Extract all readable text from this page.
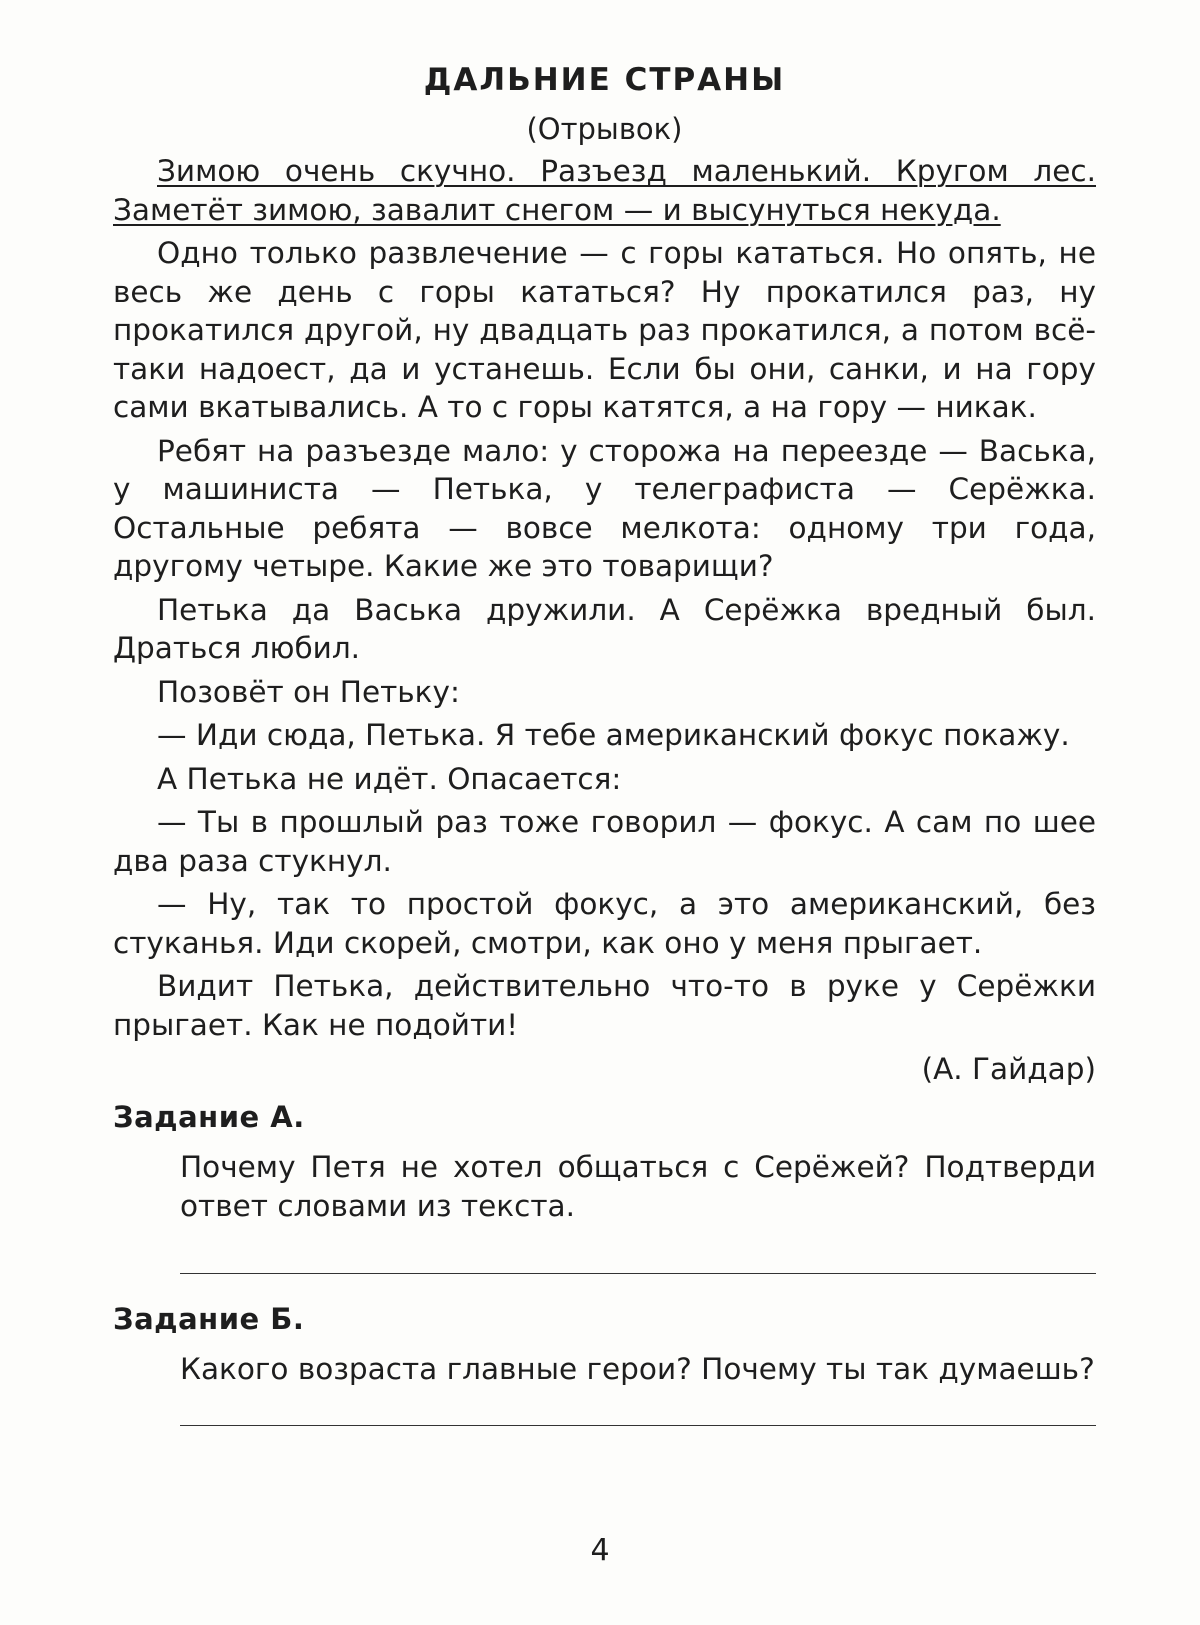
ДАЛЬНИЕ СТРАНЫ
(Отрывок)

Зимою очень скучно. Разъезд маленький. Кругом лес. Заметёт зимою, завалит снегом — и высунуться некуда.

Одно только развлечение — с горы кататься. Но опять, не весь же день с горы кататься? Ну прокатился раз, ну прокатился другой, ну двадцать раз прокатился, а потом всё-таки надоест, да и устанешь. Если бы они, санки, и на гору сами вкатывались. А то с горы катятся, а на гору — никак.

Ребят на разъезде мало: у сторожа на переезде — Васька, у машиниста — Петька, у телеграфиста — Серёжка. Остальные ребята — вовсе мелкота: одному три года, другому четыре. Какие же это товарищи?

Петька да Васька дружили. А Серёжка вредный был. Драться любил.

Позовёт он Петьку:

— Иди сюда, Петька. Я тебе американский фокус покажу.

А Петька не идёт. Опасается:

— Ты в прошлый раз тоже говорил — фокус. А сам по шее два раза стукнул.

— Ну, так то простой фокус, а это американский, без стуканья. Иди скорей, смотри, как оно у меня прыгает.

Видит Петька, действительно что-то в руке у Серёжки прыгает. Как не подойти!

(А. Гайдар)
Задание А.
Почему Петя не хотел общаться с Серёжей? Подтверди ответ словами из текста.
Задание Б.
Какого возраста главные герои? Почему ты так думаешь?
4
